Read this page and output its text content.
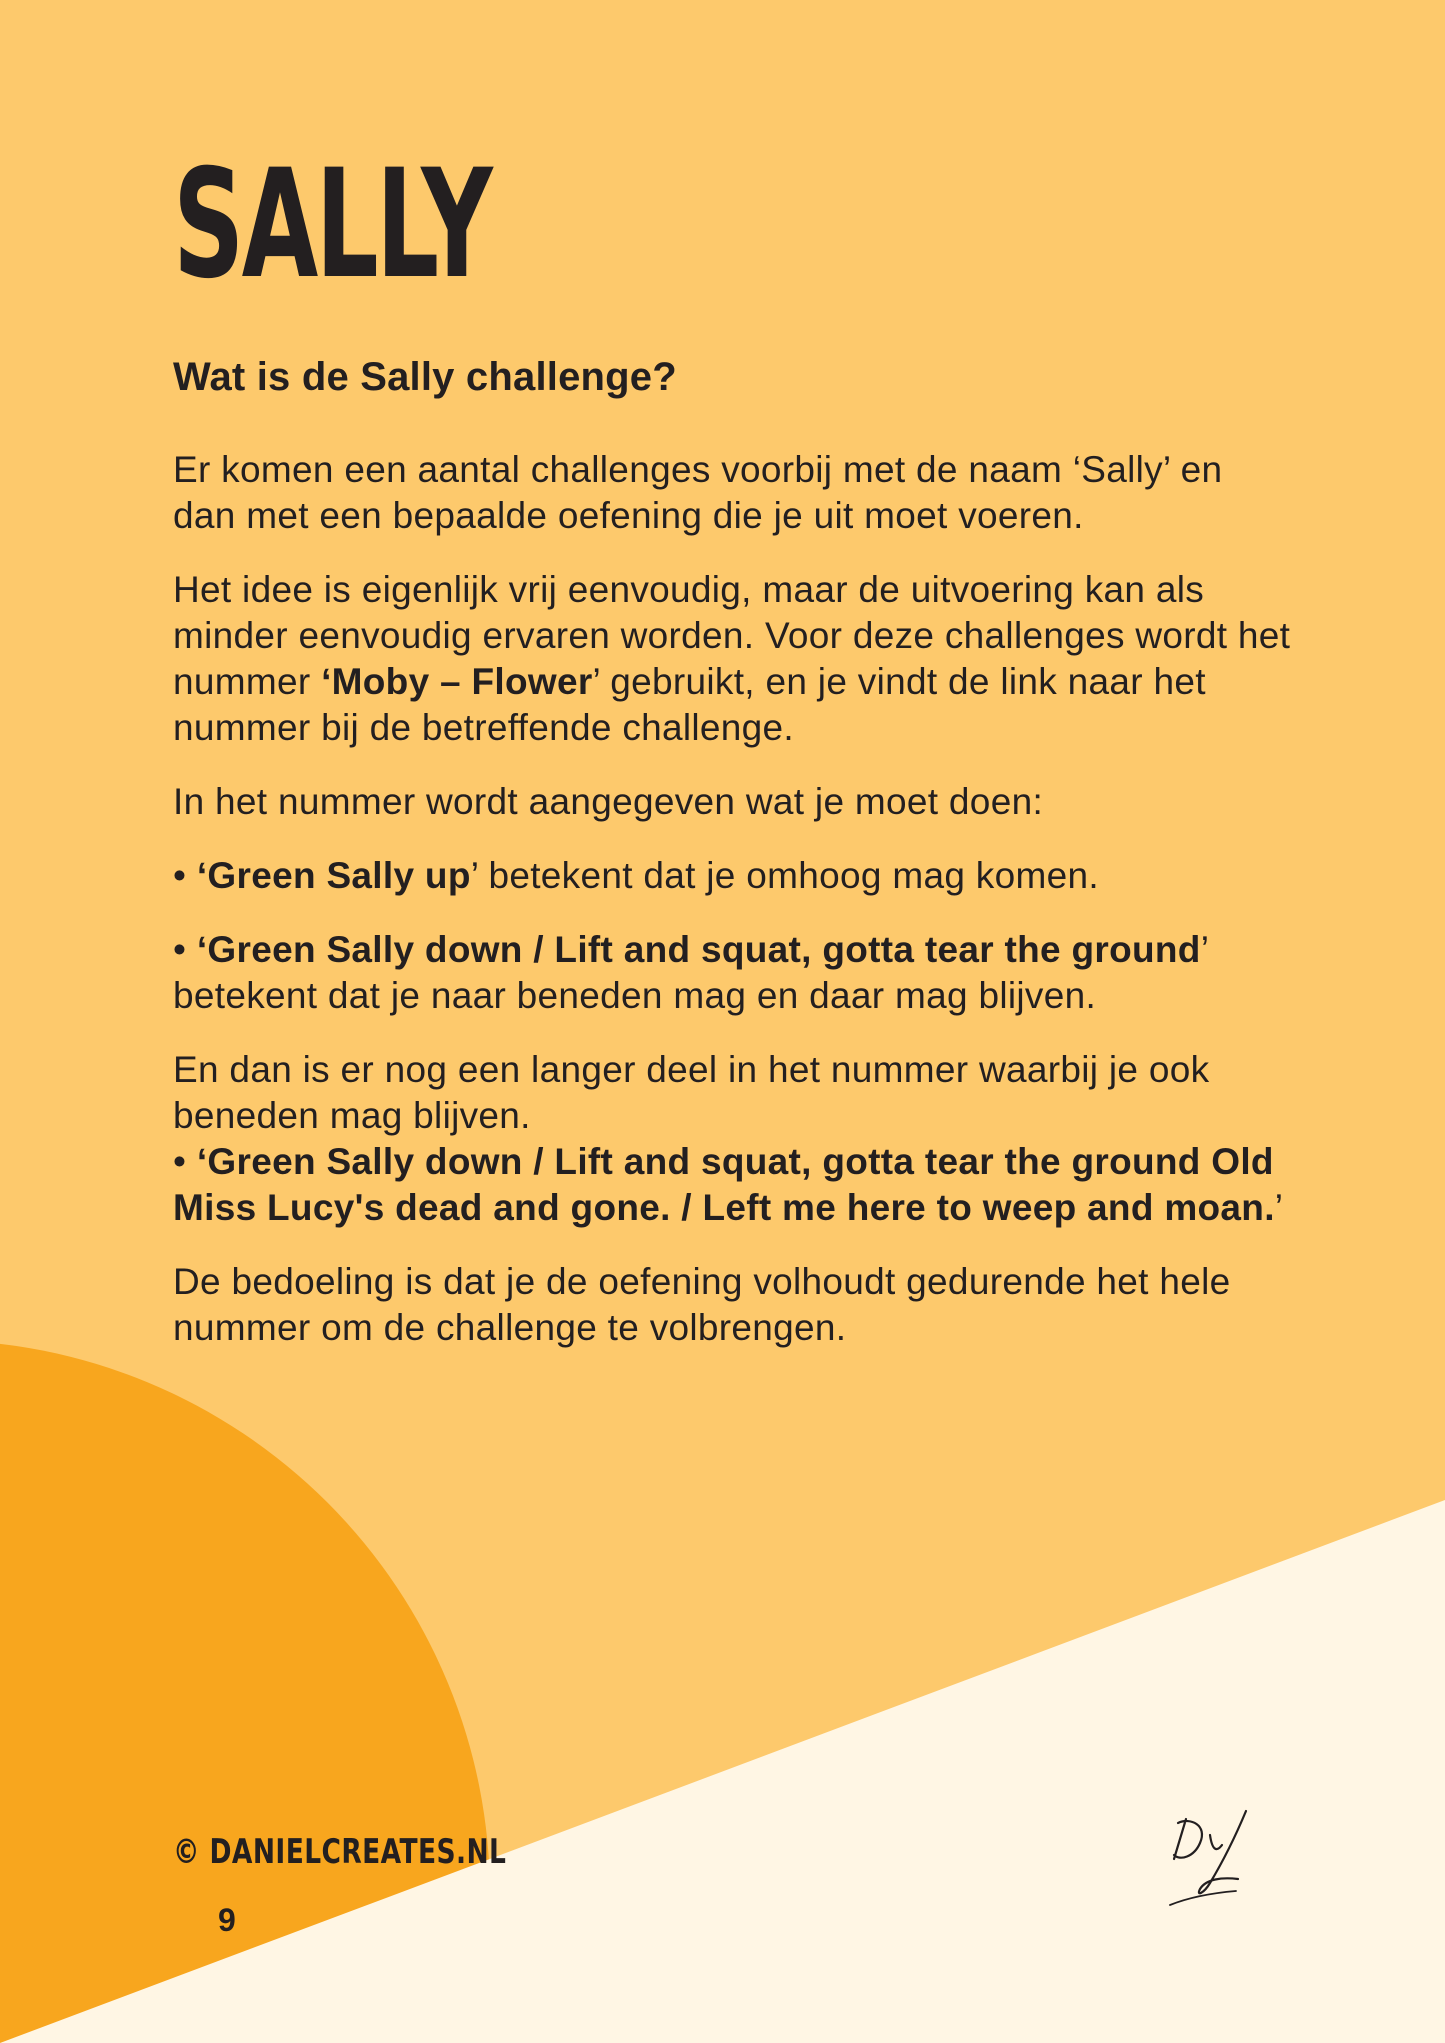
SALLY
Wat is de Sally challenge?

Er komen een aantal challenges voorbij met de naam ‘Sally’ en dan met een bepaalde oefening die je uit moet voeren.

Het idee is eigenlijk vrij eenvoudig, maar de uitvoering kan als minder eenvoudig ervaren worden. Voor deze challenges wordt het nummer ‘Moby – Flower’ gebruikt, en je vindt de link naar het nummer bij de betreffende challenge.

In het nummer wordt aangegeven wat je moet doen:

• ‘Green Sally up’ betekent dat je omhoog mag komen.

• ‘Green Sally down / Lift and squat, gotta tear the ground’ betekent dat je naar beneden mag en daar mag blijven.

En dan is er nog een langer deel in het nummer waarbij je ook beneden mag blijven.

• ‘Green Sally down / Lift and squat, gotta tear the ground Old Miss Lucy's dead and gone. / Left me here to weep and moan.’

De bedoeling is dat je de oefening volhoudt gedurende het hele nummer om de challenge te volbrengen.

© DANIELCREATES.NL
9
